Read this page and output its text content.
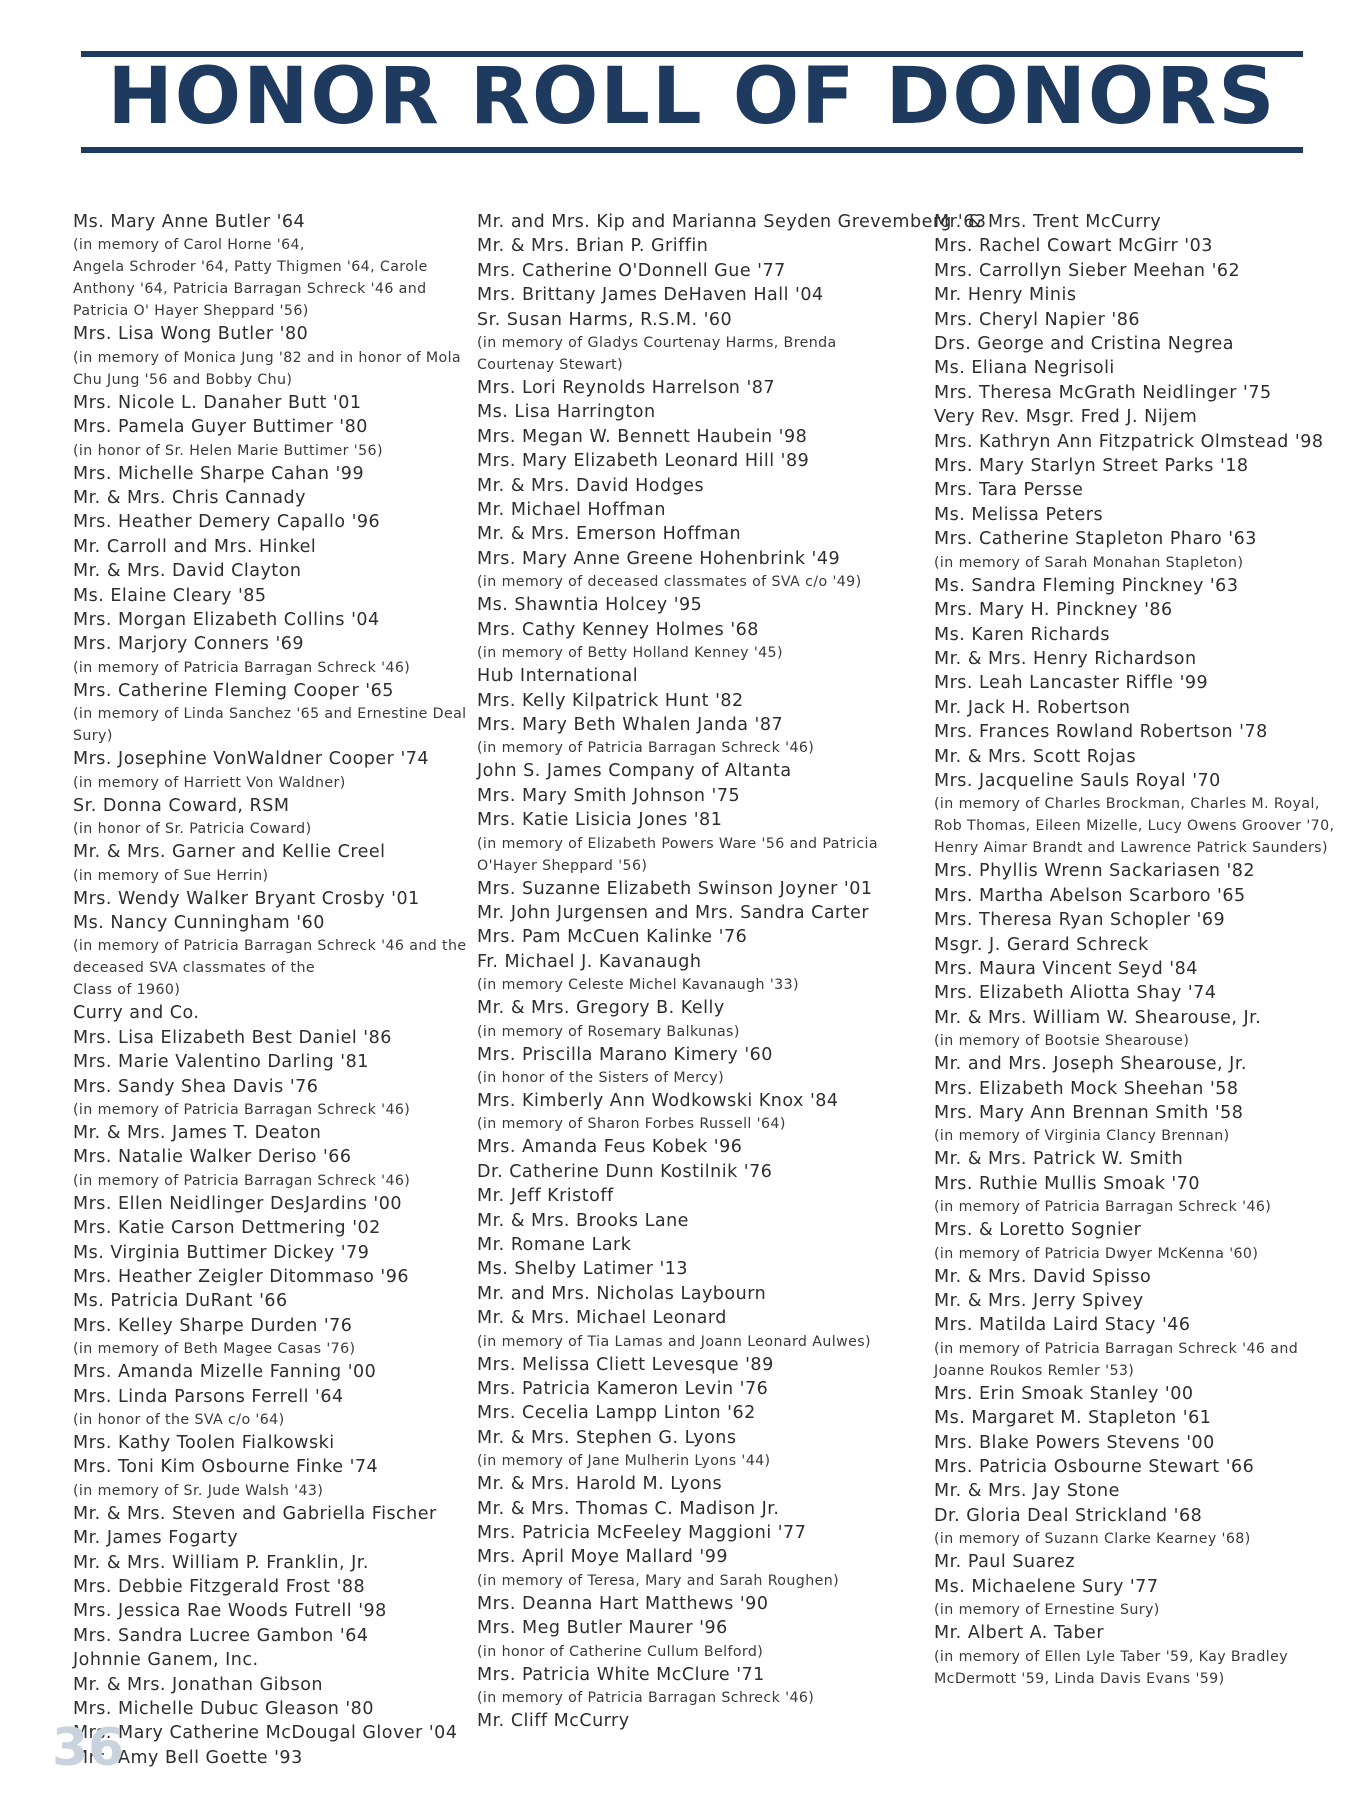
HONOR ROLL OF DONORS
Ms. Mary Anne Butler '64
(in memory of Carol Horne '64,
Angela Schroder '64, Patty Thigmen '64, Carole Anthony '64, Patricia Barragan Schreck '46 and Patricia O' Hayer Sheppard '56)
Mrs. Lisa Wong Butler '80
(in memory of Monica Jung '82 and in honor of Mola Chu Jung '56 and Bobby Chu)
Mrs. Nicole L. Danaher Butt '01
Mrs. Pamela Guyer Buttimer '80
(in honor of Sr. Helen Marie Buttimer '56)
Mrs. Michelle Sharpe Cahan '99
Mr. & Mrs. Chris Cannady
Mrs. Heather Demery Capallo '96
Mr. Carroll and Mrs. Hinkel
Mr. & Mrs. David Clayton
Ms. Elaine Cleary '85
Mrs. Morgan Elizabeth Collins '04
Mrs. Marjory Conners '69
(in memory of Patricia Barragan Schreck '46)
Mrs. Catherine Fleming Cooper '65
(in memory of Linda Sanchez '65 and Ernestine Deal Sury)
Mrs. Josephine VonWaldner Cooper '74
(in memory of Harriett Von Waldner)
Sr. Donna Coward, RSM
(in honor of Sr. Patricia Coward)
Mr. & Mrs. Garner and Kellie Creel
(in memory of Sue Herrin)
Mrs. Wendy Walker Bryant Crosby '01
Ms. Nancy Cunningham '60
(in memory of Patricia Barragan Schreck '46 and the deceased SVA classmates of the
Class of 1960)
Curry and Co.
Mrs. Lisa Elizabeth Best Daniel '86
Mrs. Marie Valentino Darling '81
Mrs. Sandy Shea Davis '76
(in memory of Patricia Barragan Schreck '46)
Mr. & Mrs. James T. Deaton
Mrs. Natalie Walker Deriso '66
(in memory of Patricia Barragan Schreck '46)
Mrs. Ellen Neidlinger DesJardins '00
Mrs. Katie Carson Dettmering '02
Ms. Virginia Buttimer Dickey '79
Mrs. Heather Zeigler Ditommaso '96
Ms. Patricia DuRant '66
Mrs. Kelley Sharpe Durden '76
(in memory of Beth Magee Casas '76)
Mrs. Amanda Mizelle Fanning '00
Mrs. Linda Parsons Ferrell '64
(in honor of the SVA c/o '64)
Mrs. Kathy Toolen Fialkowski
Mrs. Toni Kim Osbourne Finke '74
(in memory of Sr. Jude Walsh '43)
Mr. & Mrs. Steven and Gabriella Fischer
Mr. James Fogarty
Mr. & Mrs. William P. Franklin, Jr.
Mrs. Debbie Fitzgerald Frost '88
Mrs. Jessica Rae Woods Futrell '98
Mrs. Sandra Lucree Gambon '64
Johnnie Ganem, Inc.
Mr. & Mrs. Jonathan Gibson
Mrs. Michelle Dubuc Gleason '80
Mrs. Mary Catherine McDougal Glover '04
Mrs. Amy Bell Goette '93
Mr. and Mrs. Kip and Marianna Seyden Grevemberg '63
Mr. & Mrs. Brian P. Griffin
Mrs. Catherine O'Donnell Gue '77
Mrs. Brittany James DeHaven Hall '04
Sr. Susan Harms, R.S.M. '60
(in memory of Gladys Courtenay Harms, Brenda Courtenay Stewart)
Mrs. Lori Reynolds Harrelson '87
Ms. Lisa Harrington
Mrs. Megan W. Bennett Haubein '98
Mrs. Mary Elizabeth Leonard Hill '89
Mr. & Mrs. David Hodges
Mr. Michael Hoffman
Mr. & Mrs. Emerson Hoffman
Mrs. Mary Anne Greene Hohenbrink '49
(in memory of deceased classmates of SVA c/o '49)
Ms. Shawntia Holcey '95
Mrs. Cathy Kenney Holmes '68
(in memory of Betty Holland Kenney '45)
Hub International
Mrs. Kelly Kilpatrick Hunt '82
Mrs. Mary Beth Whalen Janda '87
(in memory of Patricia Barragan Schreck '46)
John S. James Company of Altanta
Mrs. Mary Smith Johnson '75
Mrs. Katie Lisicia Jones '81
(in memory of Elizabeth Powers Ware '56 and Patricia O'Hayer Sheppard '56)
Mrs. Suzanne Elizabeth Swinson Joyner '01
Mr. John Jurgensen and Mrs. Sandra Carter
Mrs. Pam McCuen Kalinke '76
Fr. Michael J. Kavanaugh
(in memory Celeste Michel Kavanaugh '33)
Mr. & Mrs. Gregory B. Kelly
(in memory of Rosemary Balkunas)
Mrs. Priscilla Marano Kimery '60
(in honor of the Sisters of Mercy)
Mrs. Kimberly Ann Wodkowski Knox '84
(in memory of Sharon Forbes Russell '64)
Mrs. Amanda Feus Kobek '96
Dr. Catherine Dunn Kostilnik '76
Mr. Jeff Kristoff
Mr. & Mrs. Brooks Lane
Mr. Romane Lark
Ms. Shelby Latimer '13
Mr. and Mrs. Nicholas Laybourn
Mr. & Mrs. Michael Leonard
(in memory of Tia Lamas and Joann Leonard Aulwes)
Mrs. Melissa Cliett Levesque '89
Mrs. Patricia Kameron Levin '76
Mrs. Cecelia Lampp Linton '62
Mr. & Mrs. Stephen G. Lyons
(in memory of Jane Mulherin Lyons '44)
Mr. & Mrs. Harold M. Lyons
Mr. & Mrs. Thomas C. Madison Jr.
Mrs. Patricia McFeeley Maggioni '77
Mrs. April Moye Mallard '99
(in memory of Teresa, Mary and Sarah Roughen)
Mrs. Deanna Hart Matthews '90
Mrs. Meg Butler Maurer '96
(in honor of Catherine Cullum Belford)
Mrs. Patricia White McClure '71
(in memory of Patricia Barragan Schreck '46)
Mr. Cliff McCurry
Mr. & Mrs. Trent McCurry
Mrs. Rachel Cowart McGirr '03
Mrs. Carrollyn Sieber Meehan '62
Mr. Henry Minis
Mrs. Cheryl Napier '86
Drs. George and Cristina Negrea
Ms. Eliana Negrisoli
Mrs. Theresa McGrath Neidlinger '75
Very Rev. Msgr. Fred J. Nijem
Mrs. Kathryn Ann Fitzpatrick Olmstead '98
Mrs. Mary Starlyn Street Parks '18
Mrs. Tara Persse
Ms. Melissa Peters
Mrs. Catherine Stapleton Pharo '63
(in memory of Sarah Monahan Stapleton)
Ms. Sandra Fleming Pinckney '63
Mrs. Mary H. Pinckney '86
Ms. Karen Richards
Mr. & Mrs. Henry Richardson
Mrs. Leah Lancaster Riffle '99
Mr. Jack H. Robertson
Mrs. Frances Rowland Robertson '78
Mr. & Mrs. Scott Rojas
Mrs. Jacqueline Sauls Royal '70
(in memory of Charles Brockman, Charles M. Royal, Rob Thomas, Eileen Mizelle, Lucy Owens Groover '70, Henry Aimar Brandt and Lawrence Patrick Saunders)
Mrs. Phyllis Wrenn Sackariasen '82
Mrs. Martha Abelson Scarboro '65
Mrs. Theresa Ryan Schopler '69
Msgr. J. Gerard Schreck
Mrs. Maura Vincent Seyd '84
Mrs. Elizabeth Aliotta Shay '74
Mr. & Mrs. William W. Shearouse, Jr.
(in memory of Bootsie Shearouse)
Mr. and Mrs. Joseph Shearouse, Jr.
Mrs. Elizabeth Mock Sheehan '58
Mrs. Mary Ann Brennan Smith '58
(in memory of Virginia Clancy Brennan)
Mr. & Mrs. Patrick W. Smith
Mrs. Ruthie Mullis Smoak '70
(in memory of Patricia Barragan Schreck '46)
Mrs. & Loretto Sognier
(in memory of Patricia Dwyer McKenna '60)
Mr. & Mrs. David Spisso
Mr. & Mrs. Jerry Spivey
Mrs. Matilda Laird Stacy '46
(in memory of Patricia Barragan Schreck '46 and Joanne Roukos Remler '53)
Mrs. Erin Smoak Stanley '00
Ms. Margaret M. Stapleton '61
Mrs. Blake Powers Stevens '00
Mrs. Patricia Osbourne Stewart '66
Mr. & Mrs. Jay Stone
Dr. Gloria Deal Strickland '68
(in memory of Suzann Clarke Kearney '68)
Mr. Paul Suarez
Ms. Michaelene Sury '77
(in memory of Ernestine Sury)
Mr. Albert A. Taber
(in memory of Ellen Lyle Taber '59, Kay Bradley McDermott '59, Linda Davis Evans '59)
36
